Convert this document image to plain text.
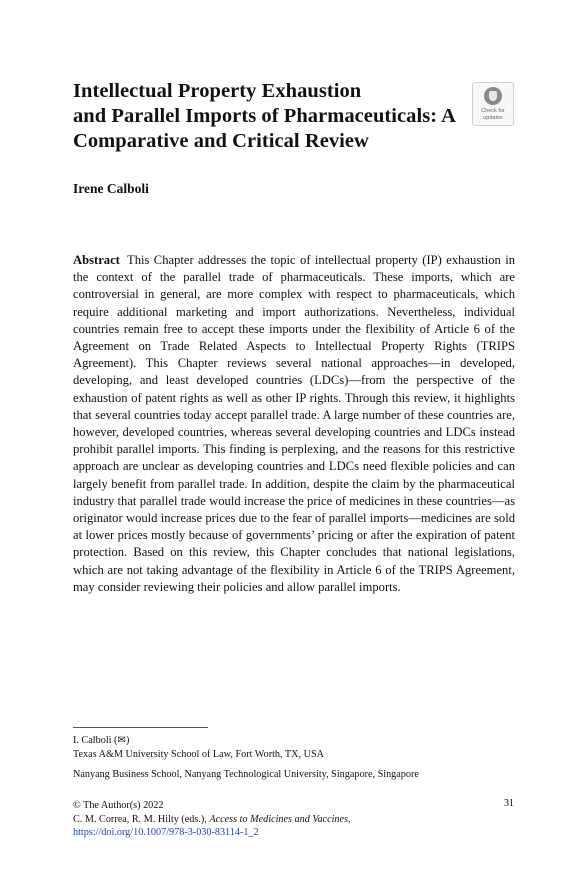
Intellectual Property Exhaustion
and Parallel Imports of Pharmaceuticals: A
Comparative and Critical Review
Check for
updates
Irene Calboli
Abstract This Chapter addresses the topic of intellectual property (IP) exhaustion in the context of the parallel trade of pharmaceuticals. These imports, which are controversial in general, are more complex with respect to pharmaceuticals, which require additional marketing and import authorizations. Nevertheless, individual countries remain free to accept these imports under the flexibility of Article 6 of the Agreement on Trade Related Aspects to Intellectual Property Rights (TRIPS Agreement). This Chapter reviews several national approaches—in developed, developing, and least developed countries (LDCs)—from the perspective of the exhaustion of patent rights as well as other IP rights. Through this review, it highlights that several countries today accept parallel trade. A large number of these countries are, however, developed countries, whereas several developing countries and LDCs instead prohibit parallel imports. This finding is perplexing, and the reasons for this restrictive approach are unclear as developing countries and LDCs need flexible policies and can largely benefit from parallel trade. In addition, despite the claim by the pharmaceutical industry that parallel trade would increase the price of medicines in these countries—as originator would increase prices due to the fear of parallel imports—medicines are sold at lower prices mostly because of governments’ pricing or after the expiration of patent protection. Based on this review, this Chapter concludes that national legislations, which are not taking advantage of the flexibility in Article 6 of the TRIPS Agreement, may consider reviewing their policies and allow parallel imports.
I. Calboli (✉)
Texas A&M University School of Law, Fort Worth, TX, USA
Nanyang Business School, Nanyang Technological University, Singapore, Singapore
© The Author(s) 2022	31
C. M. Correa, R. M. Hilty (eds.), Access to Medicines and Vaccines,
https://doi.org/10.1007/978-3-030-83114-1_2
